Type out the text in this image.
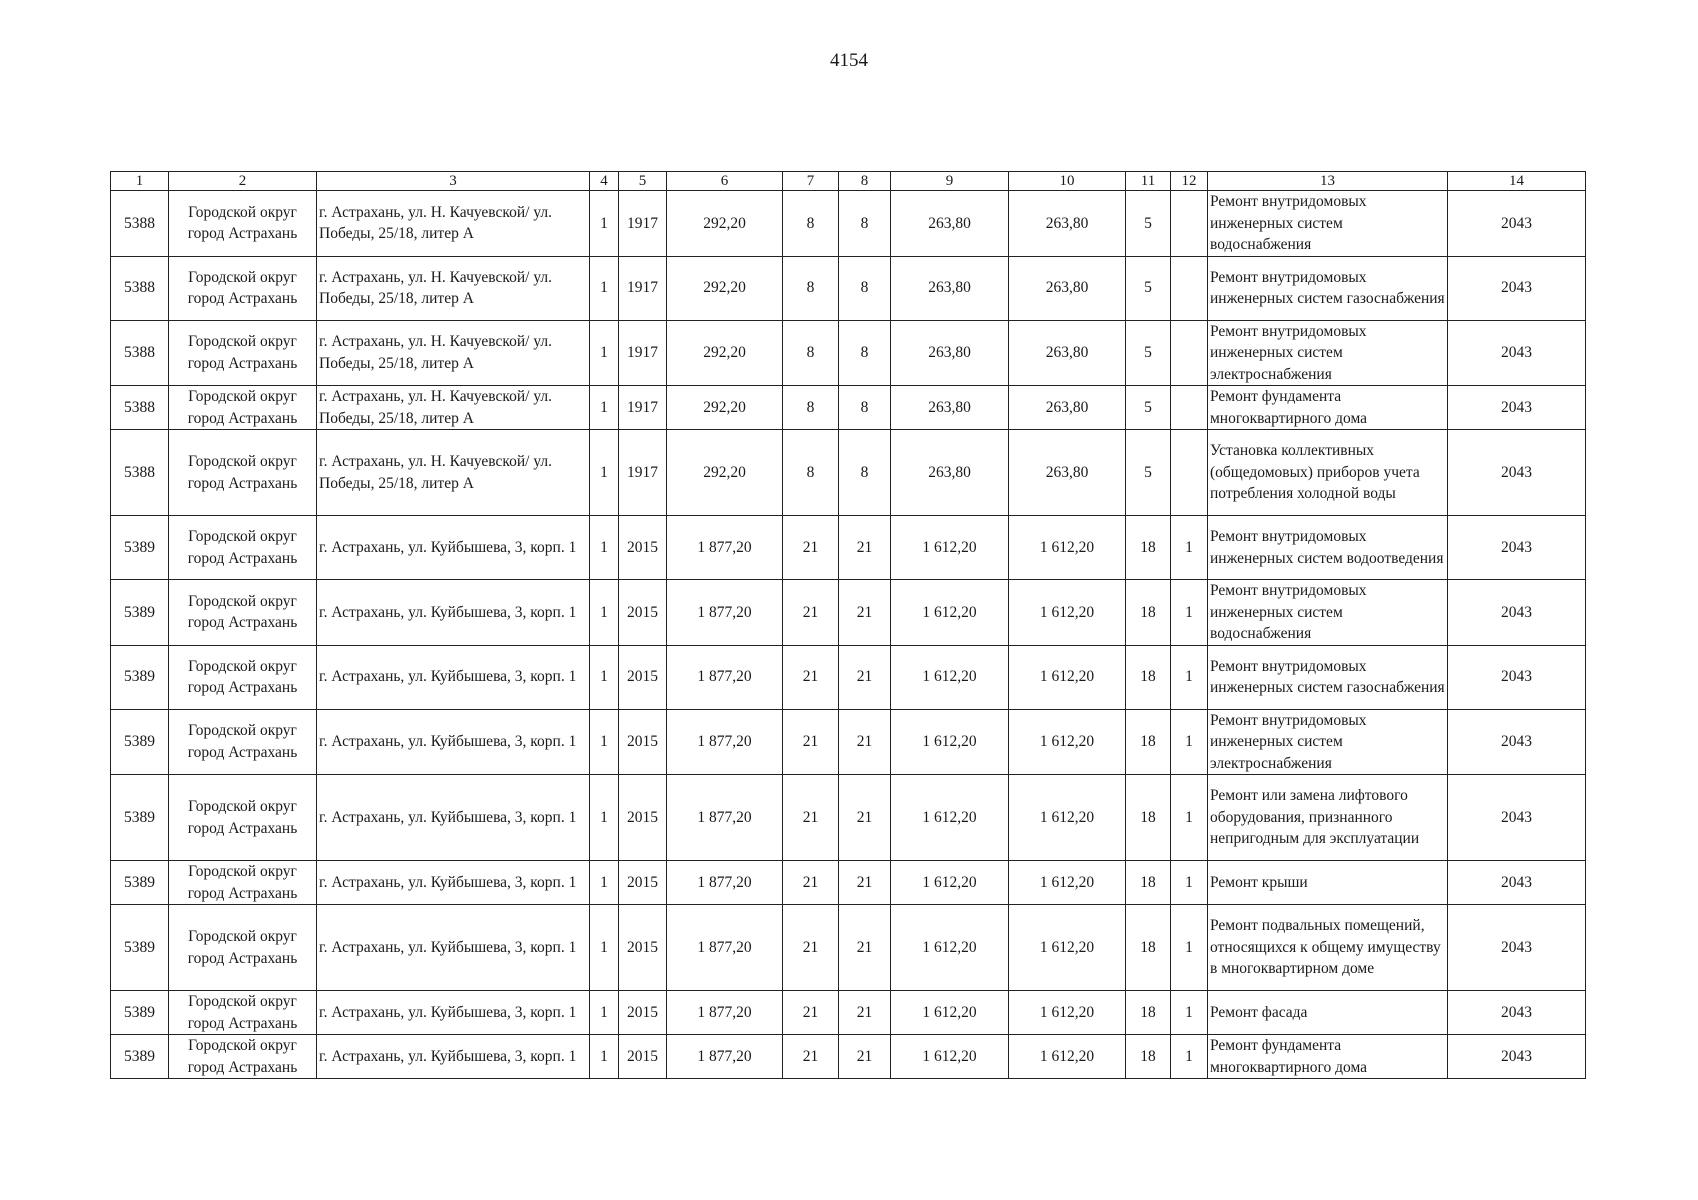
4154
1	2	3	4	5	6	7	8	9	10	11	12	13	14
5388	Городской округ город Астрахань	г. Астрахань, ул. Н. Качуевской/ ул. Победы, 25/18, литер А	1	1917	292,20	8	8	263,80	263,80	5		Ремонт внутридомовых инженерных систем водоснабжения	2043
5388	Городской округ город Астрахань	г. Астрахань, ул. Н. Качуевской/ ул. Победы, 25/18, литер А	1	1917	292,20	8	8	263,80	263,80	5		Ремонт внутридомовых инженерных систем газоснабжения	2043
5388	Городской округ город Астрахань	г. Астрахань, ул. Н. Качуевской/ ул. Победы, 25/18, литер А	1	1917	292,20	8	8	263,80	263,80	5		Ремонт внутридомовых инженерных систем электроснабжения	2043
5388	Городской округ город Астрахань	г. Астрахань, ул. Н. Качуевской/ ул. Победы, 25/18, литер А	1	1917	292,20	8	8	263,80	263,80	5		Ремонт фундамента многоквартирного дома	2043
5388	Городской округ город Астрахань	г. Астрахань, ул. Н. Качуевской/ ул. Победы, 25/18, литер А	1	1917	292,20	8	8	263,80	263,80	5		Установка коллективных (общедомовых) приборов учета потребления холодной воды	2043
5389	Городской округ город Астрахань	г. Астрахань, ул. Куйбышева, 3, корп. 1	1	2015	1 877,20	21	21	1 612,20	1 612,20	18	1	Ремонт внутридомовых инженерных систем водоотведения	2043
5389	Городской округ город Астрахань	г. Астрахань, ул. Куйбышева, 3, корп. 1	1	2015	1 877,20	21	21	1 612,20	1 612,20	18	1	Ремонт внутридомовых инженерных систем водоснабжения	2043
5389	Городской округ город Астрахань	г. Астрахань, ул. Куйбышева, 3, корп. 1	1	2015	1 877,20	21	21	1 612,20	1 612,20	18	1	Ремонт внутридомовых инженерных систем газоснабжения	2043
5389	Городской округ город Астрахань	г. Астрахань, ул. Куйбышева, 3, корп. 1	1	2015	1 877,20	21	21	1 612,20	1 612,20	18	1	Ремонт внутридомовых инженерных систем электроснабжения	2043
5389	Городской округ город Астрахань	г. Астрахань, ул. Куйбышева, 3, корп. 1	1	2015	1 877,20	21	21	1 612,20	1 612,20	18	1	Ремонт или замена лифтового оборудования, признанного непригодным для эксплуатации	2043
5389	Городской округ город Астрахань	г. Астрахань, ул. Куйбышева, 3, корп. 1	1	2015	1 877,20	21	21	1 612,20	1 612,20	18	1	Ремонт крыши	2043
5389	Городской округ город Астрахань	г. Астрахань, ул. Куйбышева, 3, корп. 1	1	2015	1 877,20	21	21	1 612,20	1 612,20	18	1	Ремонт подвальных помещений, относящихся к общему имуществу в многоквартирном доме	2043
5389	Городской округ город Астрахань	г. Астрахань, ул. Куйбышева, 3, корп. 1	1	2015	1 877,20	21	21	1 612,20	1 612,20	18	1	Ремонт фасада	2043
5389	Городской округ город Астрахань	г. Астрахань, ул. Куйбышева, 3, корп. 1	1	2015	1 877,20	21	21	1 612,20	1 612,20	18	1	Ремонт фундамента многоквартирного дома	2043
